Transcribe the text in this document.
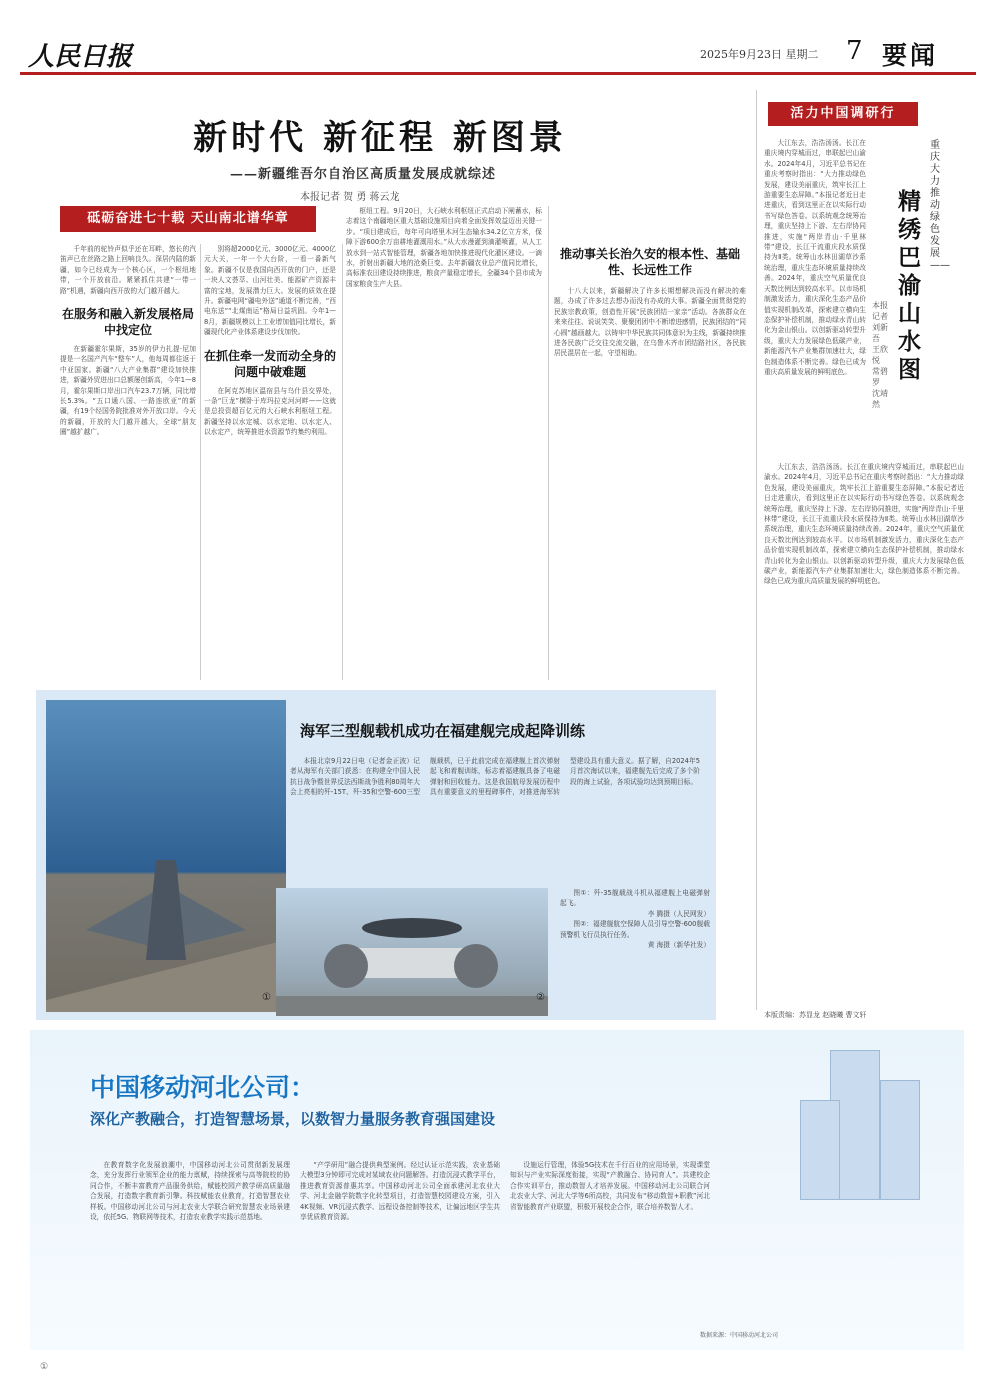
人民日报	2025年9月23日 星期二 7 要闻
新时代 新征程 新图景
——新疆维吾尔自治区高质量发展成就综述
本报记者 贺 勇 蒋云龙
砥砺奋进七十载 天山南北谱华章

千年前的驼铃声似乎还在耳畔，悠长的汽笛声已在丝路之路上回响良久。深居内陆的新疆，如今已经成为一个核心区，一个枢纽地带，一个开放前沿。紧紧抓住共建“一带一路”机遇，新疆向西开放的大门越开越大。

在服务和融入新发展格局中找定位

在新疆霍尔果斯，35岁的伊力扎提·尼加提是一名国产汽车“整车”人，他每周都往返于中亚国家。新疆“八大产业集群”建设加快推进，新疆外贸进出口总额屡创新高，今年1—8月，霍尔果斯口岸出口汽车23.7万辆，同比增长5.3%。“五口通八国、一路连欧亚”的新疆，有19个经国务院批准对外开放口岸。今天的新疆，开放的大门越开越大，全球“朋友圈”越扩越广。

别将超2000亿元、3000亿元、4000亿元大关，一年一个大台阶，一看一番新气象。新疆不仅是我国向西开放的门户，还是一块人文荟萃、山河壮美、能源矿产资源丰富的宝地，发展潜力巨大。发展的质效在提升。新疆电网“疆电外送”通道不断完善，“西电东送”“北煤南运”格局日益巩固。今年1—8月，新疆规模以上工业增加值同比增长，新疆现代化产业体系建设步伐加快。

在抓住牵一发而动全身的问题中破难题

在阿克苏地区温宿县与乌什县交界处，一条“巨龙”横卧于库玛拉克河河畔——这就是总投资超百亿元的大石峡水利枢纽工程。新疆坚持以水定城、以水定地、以水定人、以水定产，统筹推进水资源节约集约利用。

枢纽工程。9月20日，大石峡水利枢纽正式启动下闸蓄水，标志着这个南疆地区重大基础设施项目向着全面发挥效益迈出关键一步。“项目建成后，每年可向塔里木河生态输水34.2亿立方米，保障下游600余万亩耕地灌溉用水。”从大水漫灌到滴灌喷灌，从人工放水到一站式智能管理，新疆各地加快推进现代化灌区建设。一滴水，折射出新疆大地的沧桑巨变。去年新疆农业总产值同比增长，高标准农田建设持续推进，粮食产量稳定增长，全疆34个县市成为国家粮食生产大县。

推动事关长治久安的根本性、基础性、长远性工作

十八大以来，新疆解决了许多长期想解决而没有解决的难题，办成了许多过去想办而没有办成的大事。新疆全面贯彻党的民族宗教政策，创造性开展“民族团结一家亲”活动。各族群众在来来往往、说说笑笑、聚聚团团中不断增进感情，民族团结的“同心圆”越画越大。以铸牢中华民族共同体意识为主线，新疆持续推进各民族广泛交往交流交融，在乌鲁木齐市团结路社区，各民族居民混居在一起，守望相助。

活力中国调研行
重庆大力推动绿色发展——
精绣巴渝山水图
本报记者 刘新吾 王欣悦 常碧罗 沈靖然

大江东去，浩浩汤汤。长江在重庆境内穿城而过，串联起巴山渝水。2024年4月，习近平总书记在重庆考察时指出：“大力推动绿色发展，建设美丽重庆，筑牢长江上游重要生态屏障。”本报记者近日走进重庆，看到这里正在以实际行动书写绿色答卷。以系统观念统筹治理，重庆坚持上下游、左右岸协同推进，实施“两岸青山·千里林带”建设，长江干流重庆段水质保持为Ⅱ类。统筹山水林田湖草沙系统治理，重庆生态环境质量持续改善。2024年，重庆空气质量优良天数比例达到较高水平。以市场机制激发活力，重庆深化生态产品价值实现机制改革，探索建立横向生态保护补偿机制，推动绿水青山转化为金山银山。以创新驱动转型升级，重庆大力发展绿色低碳产业，新能源汽车产业集群加速壮大，绿色制造体系不断完善。绿色已成为重庆高质量发展的鲜明底色。

大江东去，浩浩汤汤。长江在重庆境内穿城而过，串联起巴山渝水。2024年4月，习近平总书记在重庆考察时指出：“大力推动绿色发展，建设美丽重庆，筑牢长江上游重要生态屏障。”本报记者近日走进重庆，看到这里正在以实际行动书写绿色答卷。以系统观念统筹治理，重庆坚持上下游、左右岸协同推进，实施“两岸青山·千里林带”建设，长江干流重庆段水质保持为Ⅱ类。统筹山水林田湖草沙系统治理，重庆生态环境质量持续改善。2024年，重庆空气质量优良天数比例达到较高水平。以市场机制激发活力，重庆深化生态产品价值实现机制改革，探索建立横向生态保护补偿机制，推动绿水青山转化为金山银山。以创新驱动转型升级，重庆大力发展绿色低碳产业，新能源汽车产业集群加速壮大，绿色制造体系不断完善。绿色已成为重庆高质量发展的鲜明底色。

①
海军三型舰载机成功在福建舰完成起降训练

本报北京9月22日电（记者金正波）记者从海军有关部门获悉：在构建全中国人民抗日战争暨世界反法西斯战争胜利80周年大会上亮相的歼-15T、歼-35和空警-600三型舰载机，已于此前完成在福建舰上首次弹射起飞和着舰训练，标志着福建舰具备了电磁弹射和回收能力。这是我国航母发展历程中具有重要意义的里程碑事件，对推进海军转型建设具有重大意义。据了解，自2024年5月首次海试以来，福建舰先后完成了多个阶段的海上试验，各项试验均达到预期目标。

②

图①：歼-35舰载战斗机从福建舰上电磁弹射起飞。

李 腾摄（人民网发）

图②：福建舰航空保障人员引导空警-600舰载预警机飞行员执行任务。

黄 海摄（新华社发）
本版责编：苏显龙 赵晓曦 曹文轩
中国移动河北公司：
深化产教融合，打造智慧场景，以数智力量服务教育强国建设

在教育数字化发展浪潮中，中国移动河北公司贯彻新发展理念，充分发挥行业领军企业的能力禀赋，持续探索与高等院校的协同合作，不断丰富教育产品服务供给，赋能校园产教学研高质量融合发展，打造数字教育新引擎。科技赋能农业教育，打造智慧农业样板。中国移动河北公司与河北农业大学联合研究智慧农业场景建设，依托5G、物联网等技术，打造农业教学实践示范基地。

“产学研用”融合提供典型案例。经过认证示范实践，农业基础大模型3分钟即可完成对某域农业问题解答。打造沉浸式教学平台，推进教育资源普惠共享。中国移动河北公司全面承建河北农业大学、河北金融学院数字化转型项目，打造智慧校园建设方案，引入4K视频、VR沉浸式教学、远程设备控制等技术，让偏远地区学生共享优质教育资源。

设施运行管理，体验5G技术在千行百业的应用场景，实现课堂知识与产业实际深度衔接，实现“产教融合、协同育人”。共建校企合作实训平台，推动数智人才培养发展。中国移动河北公司联合河北农业大学、河北大学等6所高校，共同发布“移动数智+职教”河北省智能教育产业联盟，积极开展校企合作，联合培养数智人才。

数据来源：中国移动河北公司
①
